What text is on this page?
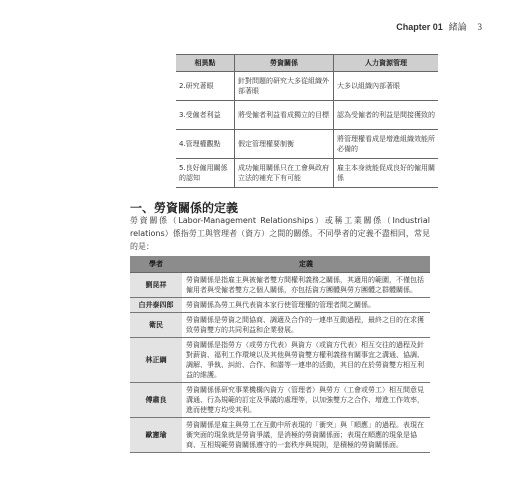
Chapter 01 緒論 3
相異點	勞資關係	人力資源管理
2.研究著眼	針對問題的研究大多從組織外部著眼	大多以組織內部著眼
3.受僱者利益	將受僱者利益看成獨立的目標	認為受僱者的利益是間接獲致的
4.管理權觀點	假定管理權要制衡	將管理權看成是增進組織效能所必備的
5.良好僱用關係的認知	成功僱用關係只在工會與政府立法的補充下有可能	雇主本身就能促成良好的僱用關係
一、勞資關係的定義
勞資關係（Labor-Management Relationships）或稱工業關係（Industrial relations）係指勞工與管理者（資方）之間的關係。不同學者的定義不盡相同，常見的是：
學者	定義
劉昆祥	勞資關係是指雇主與被僱者雙方間權利義務之關係，其適用的範圍，不僅包括僱用者與受僱者雙方之個人關係，亦包括資方團體與勞方團體之群體關係。
白井泰四郎	勞資關係為勞工與代表資本家行使管理權的管理者間之關係。
衛民	勞資關係是勞資之間協商、調適及合作的一連串互動過程，最終之目的在求獲致勞資雙方的共同利益和企業發展。
林正綱	勞資關係是指勞方（或勞方代表）與資方（或資方代表）相互交往的過程及針對薪資、福利工作環境以及其他與勞資雙方權利義務有關事宜之溝通、協調、調解、爭執、糾紛、合作、和諧等一連串的活動，其目的在於勞資雙方相互利益的維護。
傅肅良	勞資關係係研究事業機構內資方（管理者）與勞方（工會或勞工）相互間意見溝通、行為規範的訂定及爭議的處理等，以加強雙方之合作、增進工作效率，進而使雙方均受其利。
歐憲瑜	勞資關係是雇主與勞工在互動中所表現的「衝突」與「順應」的過程。表現在衝突面的現象就是勞資爭議，是消極的勞資關係面；表現在順應的現象是協商、互相規範勞資關係遵守的一套秩序與規則，是積極的勞資關係面。
